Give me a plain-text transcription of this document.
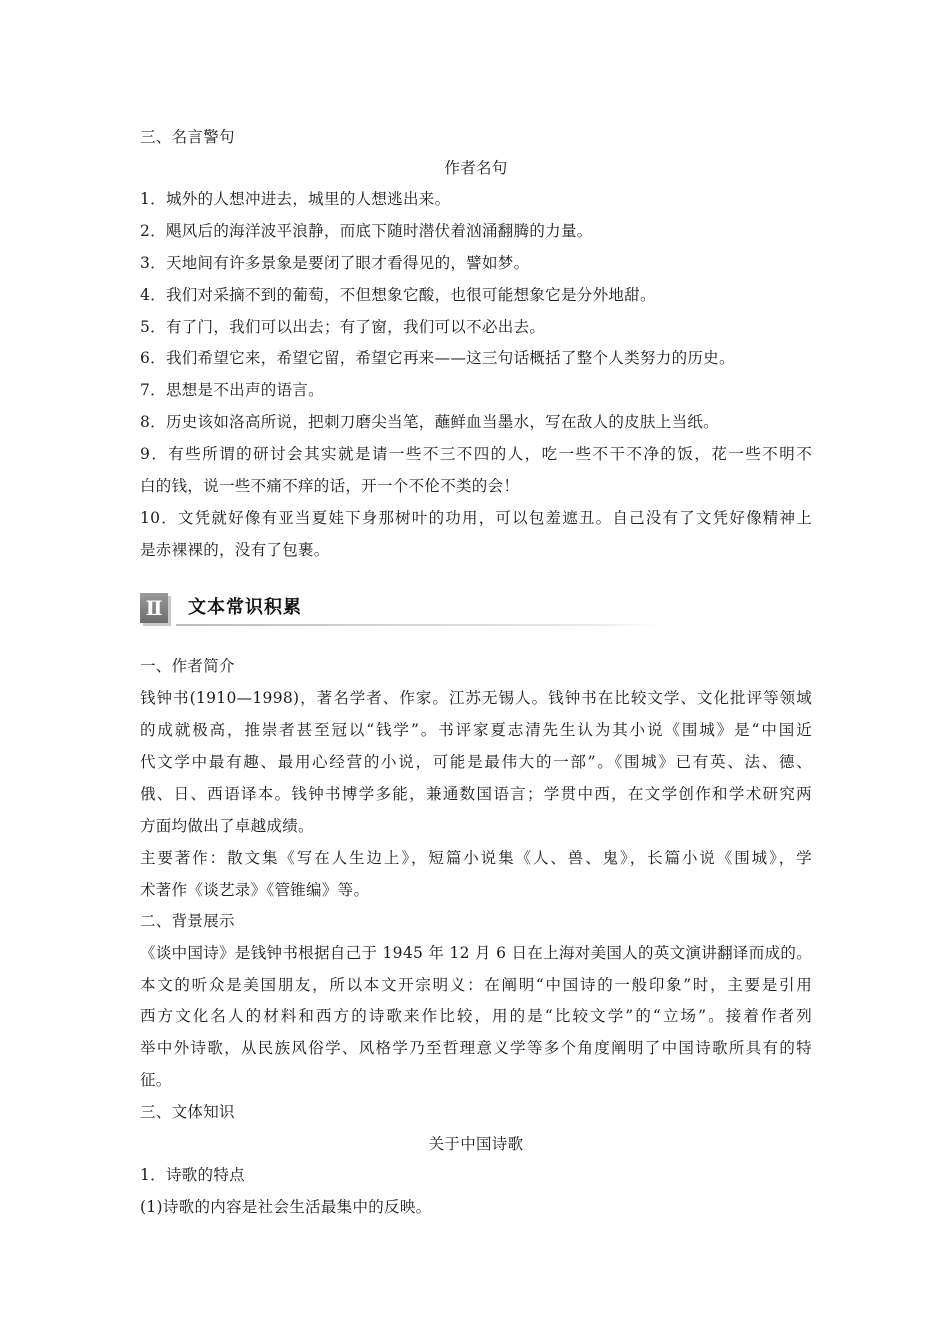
三、名言警句
作者名句
1．城外的人想冲进去，城里的人想逃出来。
2．飓风后的海洋波平浪静，而底下随时潜伏着汹涌翻腾的力量。
3．天地间有许多景象是要闭了眼才看得见的，譬如梦。
4．我们对采摘不到的葡萄，不但想象它酸，也很可能想象它是分外地甜。
5．有了门，我们可以出去；有了窗，我们可以不必出去。
6．我们希望它来，希望它留，希望它再来——这三句话概括了整个人类努力的历史。
7．思想是不出声的语言。
8．历史该如洛高所说，把刺刀磨尖当笔，蘸鲜血当墨水，写在敌人的皮肤上当纸。
9．有些所谓的研讨会其实就是请一些不三不四的人，吃一些不干不净的饭，花一些不明不
白的钱，说一些不痛不痒的话，开一个不伦不类的会！
10．文凭就好像有亚当夏娃下身那树叶的功用，可以包羞遮丑。自己没有了文凭好像精神上
是赤裸裸的，没有了包裹。
Ⅱ	文本常识积累
一、作者简介
钱钟书(1910—1998)，著名学者、作家。江苏无锡人。钱钟书在比较文学、文化批评等领域
的成就极高，推崇者甚至冠以“钱学”。书评家夏志清先生认为其小说《围城》是“中国近
代文学中最有趣、最用心经营的小说，可能是最伟大的一部”。《围城》已有英、法、德、
俄、日、西语译本。钱钟书博学多能，兼通数国语言；学贯中西，在文学创作和学术研究两
方面均做出了卓越成绩。
主要著作：散文集《写在人生边上》，短篇小说集《人、兽、鬼》，长篇小说《围城》，学
术著作《谈艺录》《管锥编》等。
二、背景展示
《谈中国诗》是钱钟书根据自己于 1945 年 12 月 6 日在上海对美国人的英文演讲翻译而成的。
本文的听众是美国朋友，所以本文开宗明义：在阐明“中国诗的一般印象”时，主要是引用
西方文化名人的材料和西方的诗歌来作比较，用的是“比较文学”的“立场”。接着作者列
举中外诗歌，从民族风俗学、风格学乃至哲理意义学等多个角度阐明了中国诗歌所具有的特
征。
三、文体知识
关于中国诗歌
1．诗歌的特点
(1)诗歌的内容是社会生活最集中的反映。
